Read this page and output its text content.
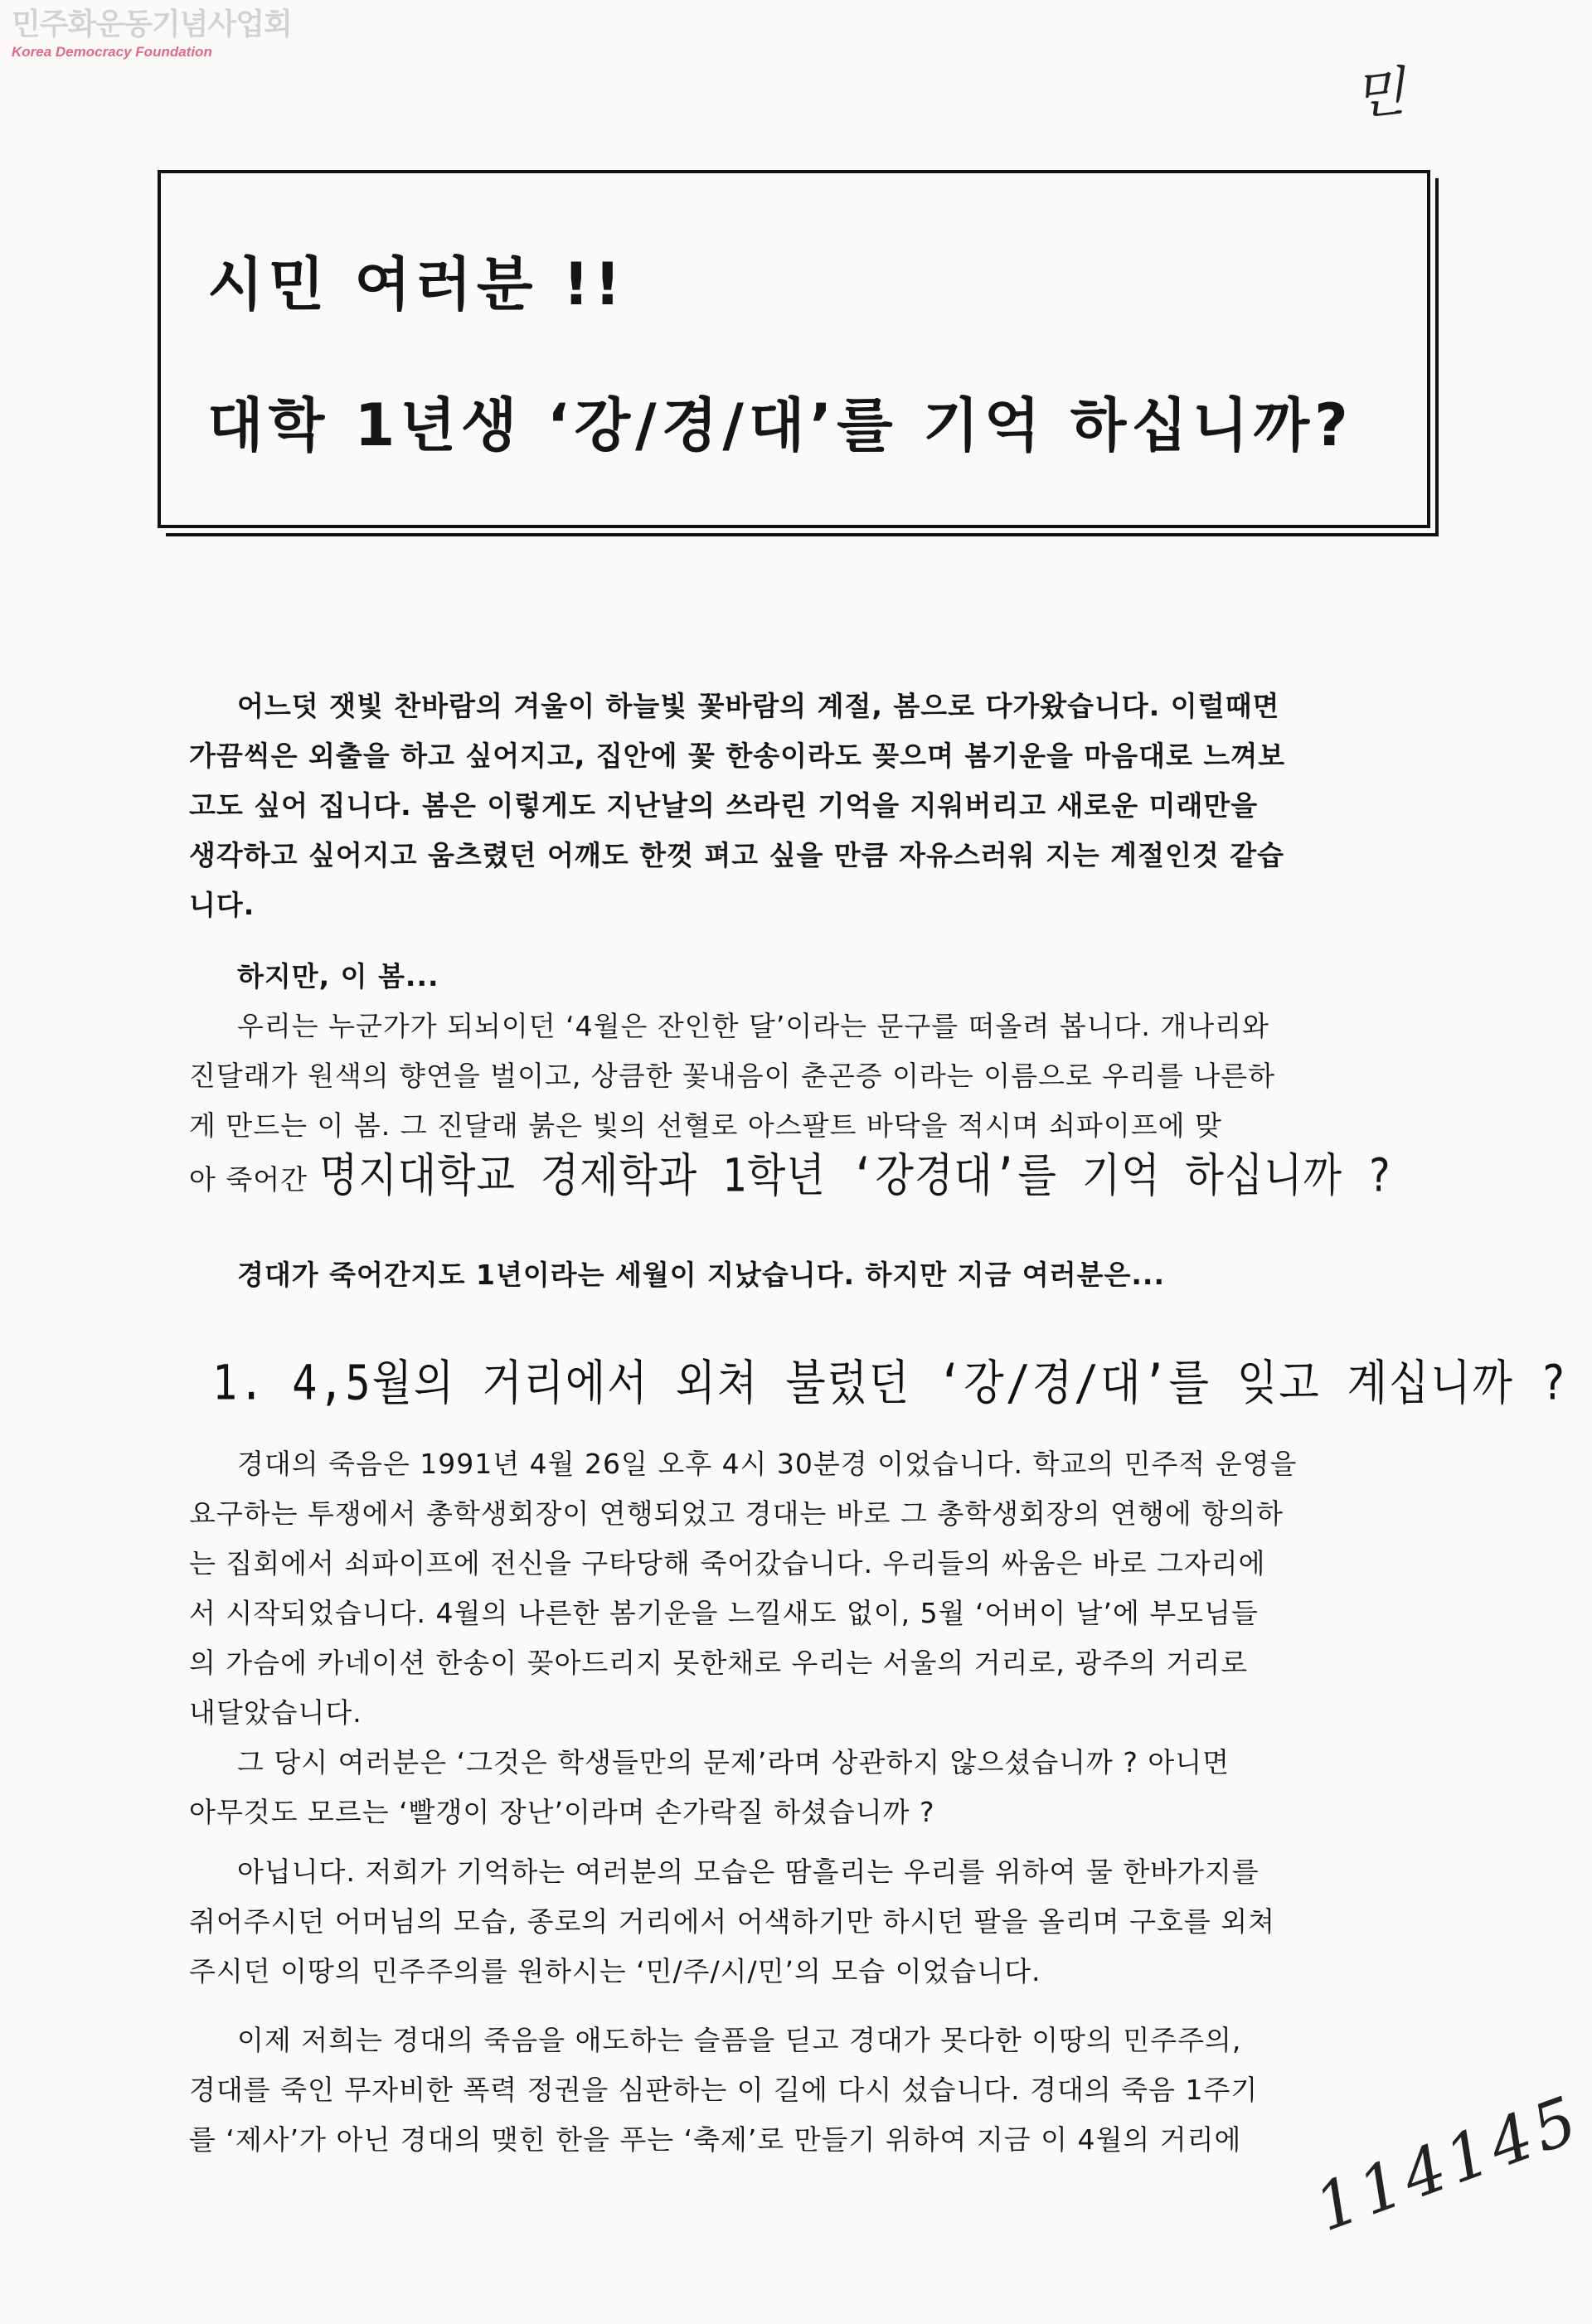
민주화운동기념사업회
Korea Democracy Foundation
민
시민 여러분 !!
대학 1년생 ‘강/경/대’를 기억 하십니까?
어느덧 잿빛 찬바람의 겨울이 하늘빛 꽃바람의 계절, 봄으로 다가왔습니다. 이럴때면
가끔씩은 외출을 하고 싶어지고, 집안에 꽃 한송이라도 꽂으며 봄기운을 마음대로 느껴보
고도 싶어 집니다. 봄은 이렇게도 지난날의 쓰라린 기억을 지워버리고 새로운 미래만을
생각하고 싶어지고 움츠렸던 어깨도 한껏 펴고 싶을 만큼 자유스러워 지는 계절인것 같습
니다.
하지만, 이 봄...
우리는 누군가가 되뇌이던 ‘4월은 잔인한 달’이라는 문구를 떠올려 봅니다. 개나리와
진달래가 원색의 향연을 벌이고, 상큼한 꽃내음이 춘곤증 이라는 이름으로 우리를 나른하
게 만드는 이 봄. 그 진달래 붉은 빛의 선혈로 아스팔트 바닥을 적시며 쇠파이프에 맞
아 죽어간 명지대학교 경제학과 1학년 ‘강경대’를 기억 하십니까 ?
경대가 죽어간지도 1년이라는 세월이 지났습니다. 하지만 지금 여러분은...
1. 4,5월의 거리에서 외쳐 불렀던 ‘강/경/대’를 잊고 계십니까 ?
경대의 죽음은 1991년 4월 26일 오후 4시 30분경 이었습니다. 학교의 민주적 운영을
요구하는 투쟁에서 총학생회장이 연행되었고 경대는 바로 그 총학생회장의 연행에 항의하
는 집회에서 쇠파이프에 전신을 구타당해 죽어갔습니다. 우리들의 싸움은 바로 그자리에
서 시작되었습니다. 4월의 나른한 봄기운을 느낄새도 없이, 5월 ‘어버이 날’에 부모님들
의 가슴에 카네이션 한송이 꽂아드리지 못한채로 우리는 서울의 거리로, 광주의 거리로
내달았습니다.
그 당시 여러분은 ‘그것은 학생들만의 문제’라며 상관하지 않으셨습니까 ? 아니면
아무것도 모르는 ‘빨갱이 장난’이라며 손가락질 하셨습니까 ?
아닙니다. 저희가 기억하는 여러분의 모습은 땀흘리는 우리를 위하여 물 한바가지를
쥐어주시던 어머님의 모습, 종로의 거리에서 어색하기만 하시던 팔을 올리며 구호를 외쳐
주시던 이땅의 민주주의를 원하시는 ‘민/주/시/민’의 모습 이었습니다.
이제 저희는 경대의 죽음을 애도하는 슬픔을 딛고 경대가 못다한 이땅의 민주주의,
경대를 죽인 무자비한 폭력 정권을 심판하는 이 길에 다시 섰습니다. 경대의 죽음 1주기
를 ‘제사’가 아닌 경대의 맺힌 한을 푸는 ‘축제’로 만들기 위하여 지금 이 4월의 거리에 114145
